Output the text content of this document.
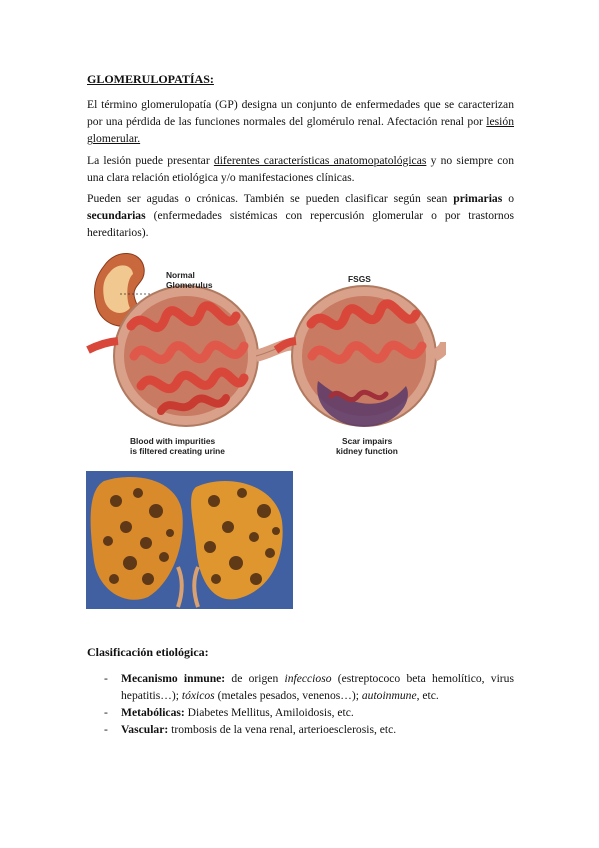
GLOMERULOPATÍAS:
El término glomerulopatía (GP) designa un conjunto de enfermedades que se caracterizan por una pérdida de las funciones normales del glomérulo renal. Afectación renal por lesión glomerular.
La lesión puede presentar diferentes características anatomopatológicas y no siempre con una clara relación etiológica y/o manifestaciones clínicas.
Pueden ser agudas o crónicas. También se pueden clasificar según sean primarias o secundarias (enfermedades sistémicas con repercusión glomerular o por trastornos hereditarios).
Normal Glomerulus
FSGS
Blood with impurities is filtered creating urine
Scar impairs kidney function
Clasificación etiológica:
- Mecanismo inmune: de origen infeccioso (estreptococo beta hemolítico, virus hepatitis…); tóxicos (metales pesados, venenos…); autoinmune, etc.
- Metabólicas: Diabetes Mellitus, Amiloidosis, etc.
- Vascular: trombosis de la vena renal, arterioesclerosis, etc.
